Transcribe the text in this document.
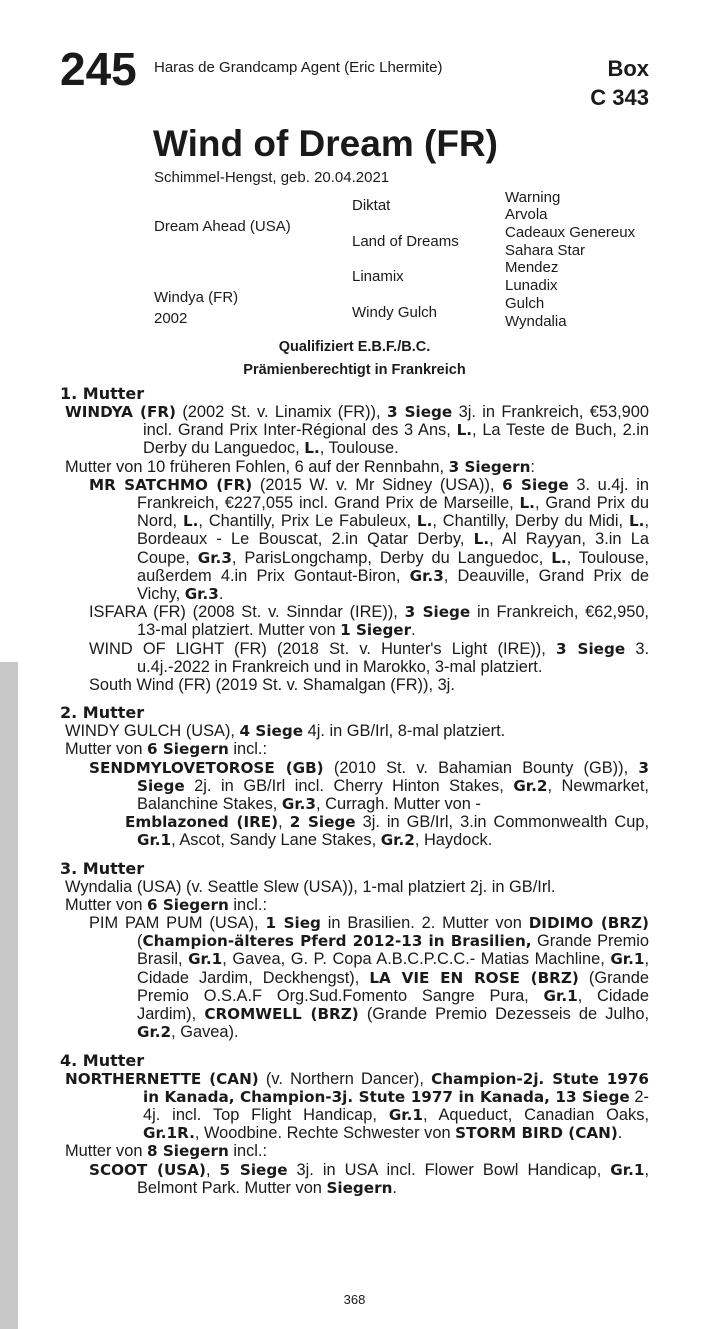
245 Haras de Grandcamp Agent (Eric Lhermite)	Box
C 343
Wind of Dream (FR)
Schimmel-Hengst, geb. 20.04.2021
Dream Ahead (USA)
Windya (FR)
2002
Diktat
Land of Dreams
Linamix
Windy Gulch
Warning
Arvola
Cadeaux Genereux
Sahara Star
Mendez
Lunadix
Gulch
Wyndalia
Qualifiziert E.B.F./B.C.
Prämienberechtigt in Frankreich
1. Mutter
WINDYA (FR) (2002 St. v. Linamix (FR)), 3 Siege 3j. in Frankreich, €53,900 incl. Grand Prix Inter-Régional des 3 Ans, L., La Teste de Buch, 2.in Derby du Languedoc, L., Toulouse.
Mutter von 10 früheren Fohlen, 6 auf der Rennbahn, 3 Siegern:
MR SATCHMO (FR) (2015 W. v. Mr Sidney (USA)), 6 Siege 3. u.4j. in Frankreich, €227,055 incl. Grand Prix de Marseille, L., Grand Prix du Nord, L., Chantilly, Prix Le Fabuleux, L., Chantilly, Derby du Midi, L., Bordeaux - Le Bouscat, 2.in Qatar Derby, L., Al Rayyan, 3.in La Coupe, Gr.3, ParisLongchamp, Derby du Languedoc, L., Toulouse, außerdem 4.in Prix Gontaut-Biron, Gr.3, Deauville, Grand Prix de Vichy, Gr.3.
ISFARA (FR) (2008 St. v. Sinndar (IRE)), 3 Siege in Frankreich, €62,950, 13-mal platziert. Mutter von 1 Sieger.
WIND OF LIGHT (FR) (2018 St. v. Hunter's Light (IRE)), 3 Siege 3. u.4j.-2022 in Frankreich und in Marokko, 3-mal platziert.
South Wind (FR) (2019 St. v. Shamalgan (FR)), 3j.
2. Mutter
WINDY GULCH (USA), 4 Siege 4j. in GB/Irl, 8-mal platziert.
Mutter von 6 Siegern incl.:
SENDMYLOVETOROSE (GB) (2010 St. v. Bahamian Bounty (GB)), 3 Siege 2j. in GB/Irl incl. Cherry Hinton Stakes, Gr.2, Newmarket, Balanchine Stakes, Gr.3, Curragh. Mutter von -
Emblazoned (IRE), 2 Siege 3j. in GB/Irl, 3.in Commonwealth Cup, Gr.1, Ascot, Sandy Lane Stakes, Gr.2, Haydock.
3. Mutter
Wyndalia (USA) (v. Seattle Slew (USA)), 1-mal platziert 2j. in GB/Irl.
Mutter von 6 Siegern incl.:
PIM PAM PUM (USA), 1 Sieg in Brasilien. 2. Mutter von DIDIMO (BRZ) (Champion-älteres Pferd 2012-13 in Brasilien, Grande Premio Brasil, Gr.1, Gavea, G. P. Copa A.B.C.P.C.C.- Matias Machline, Gr.1, Cidade Jardim, Deckhengst), LA VIE EN ROSE (BRZ) (Grande Premio O.S.A.F Org.Sud.Fomento Sangre Pura, Gr.1, Cidade Jardim), CROMWELL (BRZ) (Grande Premio Dezesseis de Julho, Gr.2, Gavea).
4. Mutter
NORTHERNETTE (CAN) (v. Northern Dancer), Champion-2j. Stute 1976 in Kanada, Champion-3j. Stute 1977 in Kanada, 13 Siege 2-4j. incl. Top Flight Handicap, Gr.1, Aqueduct, Canadian Oaks, Gr.1R., Woodbine. Rechte Schwester von STORM BIRD (CAN).
Mutter von 8 Siegern incl.:
SCOOT (USA), 5 Siege 3j. in USA incl. Flower Bowl Handicap, Gr.1, Belmont Park. Mutter von Siegern.
368
